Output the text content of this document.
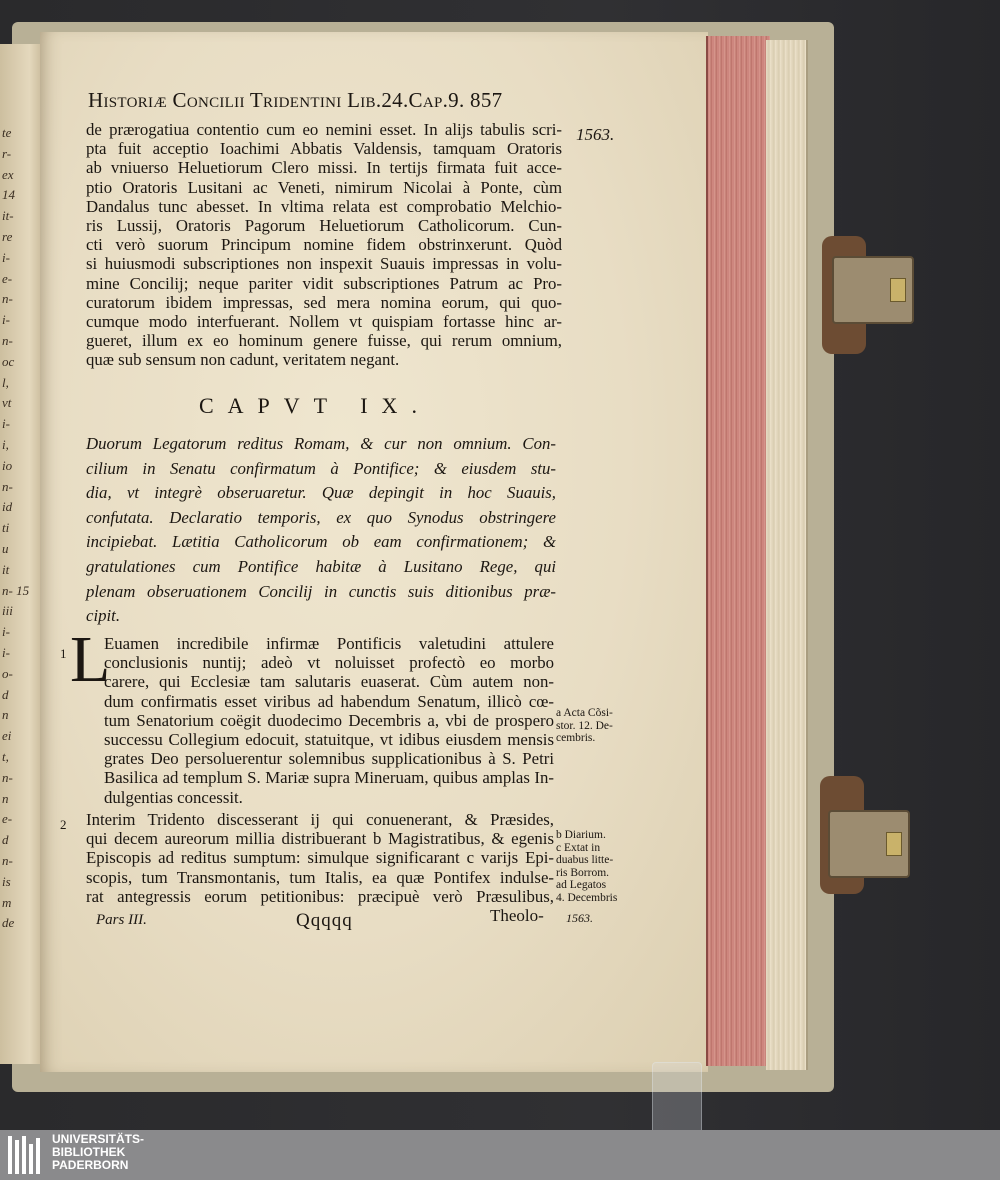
te
r-
ex
14
it-
re
i-
e-
n-
i-
n-
oc
l,
vt
i-
i,
io
n-
id
ti
u
it
n- 15
iii
i-
i-
o-
d
n
ei
t,
n-
n
e-
d
n-
is
m
de
Historiæ Concilii Tridentini Lib.24.Cap.9. 857
1563.
de prærogatiua contentio cum eo nemini esset. In alijs tabulis scri-
pta fuit acceptio Ioachimi Abbatis Valdensis, tamquam Oratoris
ab vniuerso Heluetiorum Clero missi. In tertijs firmata fuit acce-
ptio Oratoris Lusitani ac Veneti, nimirum Nicolai à Ponte, cùm
Dandalus tunc abesset. In vltima relata est comprobatio Melchio-
ris Lussij, Oratoris Pagorum Heluetiorum Catholicorum. Cun-
cti verò suorum Principum nomine fidem obstrinxerunt. Quòd
si huiusmodi subscriptiones non inspexit Suauis impressas in volu-
mine Concilij; neque pariter vidit subscriptiones Patrum ac Pro-
curatorum ibidem impressas, sed mera nomina eorum, qui quo-
cumque modo interfuerant. Nollem vt quispiam fortasse hinc ar-
gueret, illum ex eo hominum genere fuisse, qui rerum omnium,
quæ sub sensum non cadunt, veritatem negant.
CAPVT IX.
Duorum Legatorum reditus Romam, & cur non omnium. Con-
cilium in Senatu confirmatum à Pontifice; & eiusdem stu-
dia, vt integrè obseruaretur. Quæ depingit in hoc Suauis,
confutata. Declaratio temporis, ex quo Synodus obstringere
incipiebat. Lætitia Catholicorum ob eam confirmationem; &
gratulationes cum Pontifice habitæ à Lusitano Rege, qui
plenam obseruationem Concilij in cunctis suis ditionibus præ-
cipit.
1 L
Euamen incredibile infirmæ Pontificis valetudini attulere
conclusionis nuntij; adeò vt noluisset profectò eo morbo
carere, qui Ecclesiæ tam salutaris euaserat. Cùm autem non-
dum confirmatis esset viribus ad habendum Senatum, illicò cœ-
tum Senatorium coëgit duodecimo Decembris a, vbi de prospero
successu Collegium edocuit, statuitque, vt idibus eiusdem mensis
grates Deo persoluerentur solemnibus supplicationibus à S. Petri
Basilica ad templum S. Mariæ supra Mineruam, quibus amplas In-
dulgentias concessit.
a Acta Cõsi-
stor. 12. De-
cembris.
2 Interim Tridento discesserant ij qui conuenerant, & Præsides,
qui decem aureorum millia distribuerant b Magistratibus, & egenis
Episcopis ad reditus sumptum: simulque significarant c varijs Epi-
scopis, tum Transmontanis, tum Italis, ea quæ Pontifex indulse-
rat antegressis eorum petitionibus: præcipuè verò Præsulibus,
b Diarium.
c Extat in
duabus litte-
ris Borrom.
ad Legatos
4. Decembris
1563.
Pars III.	Qqqqq	Theolo-
UNIVERSITÄTS-
BIBLIOTHEK
PADERBORN
